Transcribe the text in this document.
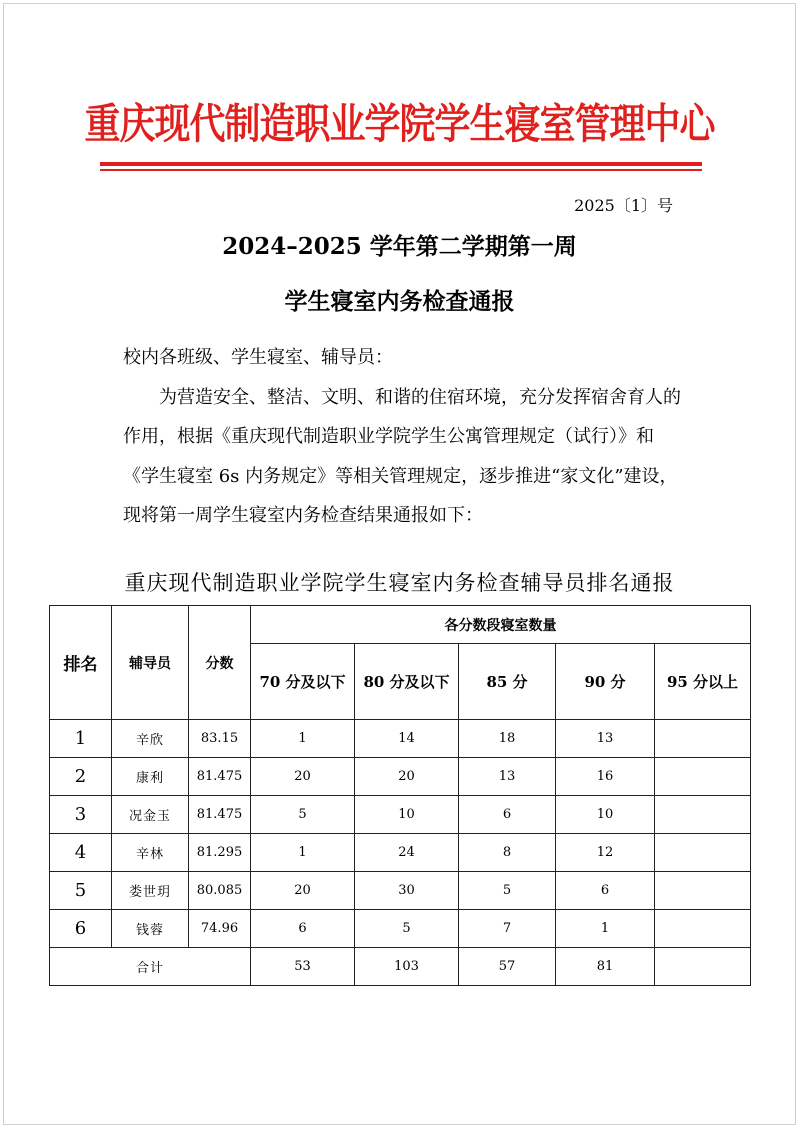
重庆现代制造职业学院学生寝室管理中心
2025〔1〕号
2024–2025 学年第二学期第一周
学生寝室内务检查通报

校内各班级、学生寝室、辅导员：

为营造安全、整洁、文明、和谐的住宿环境，充分发挥宿舍育人的作用，根据《重庆现代制造职业学院学生公寓管理规定（试行）》和《学生寝室 6s 内务规定》等相关管理规定，逐步推进“家文化”建设，现将第一周学生寝室内务检查结果通报如下：

重庆现代制造职业学院学生寝室内务检查辅导员排名通报
排名	辅导员	分数	各分数段寝室数量				
			70 分及以下	80 分及以下	85 分	90 分	95 分以上
1	辛欣	83.15	1	14	18	13	
2	康利	81.475	20	20	13	16	
3	况金玉	81.475	5	10	6	10	
4	辛林	81.295	1	24	8	12	
5	娄世玥	80.085	20	30	5	6	
6	钱蓉	74.96	6	5	7	1	
合计			53	103	57	81	
